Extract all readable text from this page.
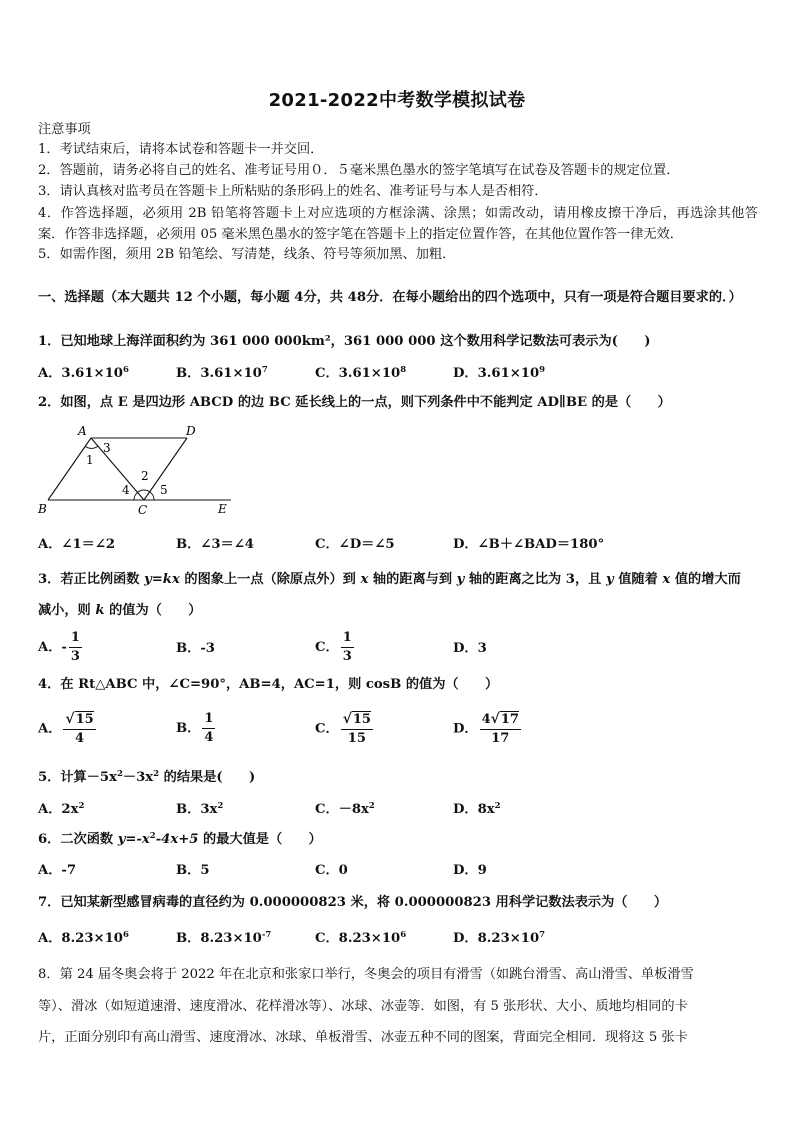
2021-2022中考数学模拟试卷
注意事项
1．考试结束后，请将本试卷和答题卡一并交回．
2．答题前，请务必将自己的姓名、准考证号用０．５毫米黑色墨水的签字笔填写在试卷及答题卡的规定位置．
3．请认真核对监考员在答题卡上所粘贴的条形码上的姓名、准考证号与本人是否相符．
4．作答选择题，必须用 2B 铅笔将答题卡上对应选项的方框涂满、涂黑；如需改动，请用橡皮擦干净后，再选涂其他答案．作答非选择题，必须用 05 毫米黑色墨水的签字笔在答题卡上的指定位置作答，在其他位置作答一律无效．
5．如需作图，须用 2B 铅笔绘、写清楚，线条、符号等须加黑、加粗．
一、选择题（本大题共 12 个小题，每小题 4分，共 48分．在每小题给出的四个选项中，只有一项是符合题目要求的．）
1．已知地球上海洋面积约为 361 000 000km²，361 000 000 这个数用科学记数法可表示为(　　)
A．$3.61\times 10^6$	B．$3.61\times 10^7$	C．$3.61\times 10^8$	D．$3.61\times 10^9$
2．如图，点 E 是四边形 ABCD 的边 BC 延长线上的一点，则下列条件中不能判定 AD∥BE 的是（　　）
A	D
B	C	E
1
3
2
4	5
A．∠1＝∠2	B．∠3＝∠4	C．∠D＝∠5	D．∠B＋∠BAD＝180°
3．若正比例函数 y=kx 的图象上一点（除原点外）到 x 轴的距离与到 y 轴的距离之比为 3，且 y 值随着 x 值的增大而
减小，则 k 的值为（　　）
A．- $\frac{1}{3}$	B．-3	C． $\frac{1}{3}$	D．3
4．在 Rt△ABC 中，∠C=90°，AB=4，AC=1，则 cosB 的值为（　　）
A． $\frac{√15}{4}$	B． $\frac{1}{4}$	C． $\frac{√15}{15}$	D． $\frac{4√17}{17}$
5．计算$-5x^2-3x^2$ 的结果是(　　)
A．$2x^2$	B．$3x^2$	C．$-8x^2$	D．$8x^2$
6．二次函数 $y=-x^2-4x+5$ 的最大值是（　　）
A．-7	B．5	C．0	D．9
7．已知某新型感冒病毒的直径约为 0.000000823 米，将 0.000000823 用科学记数法表示为（　　）
A．$8.23\times 10^6$	B．$8.23\times 10^{-7}$	C．$8.23\times 10^6$	D．$8.23\times 10^7$
8．第 24 届冬奥会将于 2022 年在北京和张家口举行，冬奥会的项目有滑雪（如跳台滑雪、高山滑雪、单板滑雪
等）、滑冰（如短道速滑、速度滑冰、花样滑冰等）、冰球、冰壶等．如图，有 5 张形状、大小、质地均相同的卡
片，正面分别印有高山滑雪、速度滑冰、冰球、单板滑雪、冰壶五种不同的图案，背面完全相同．现将这 5 张卡
